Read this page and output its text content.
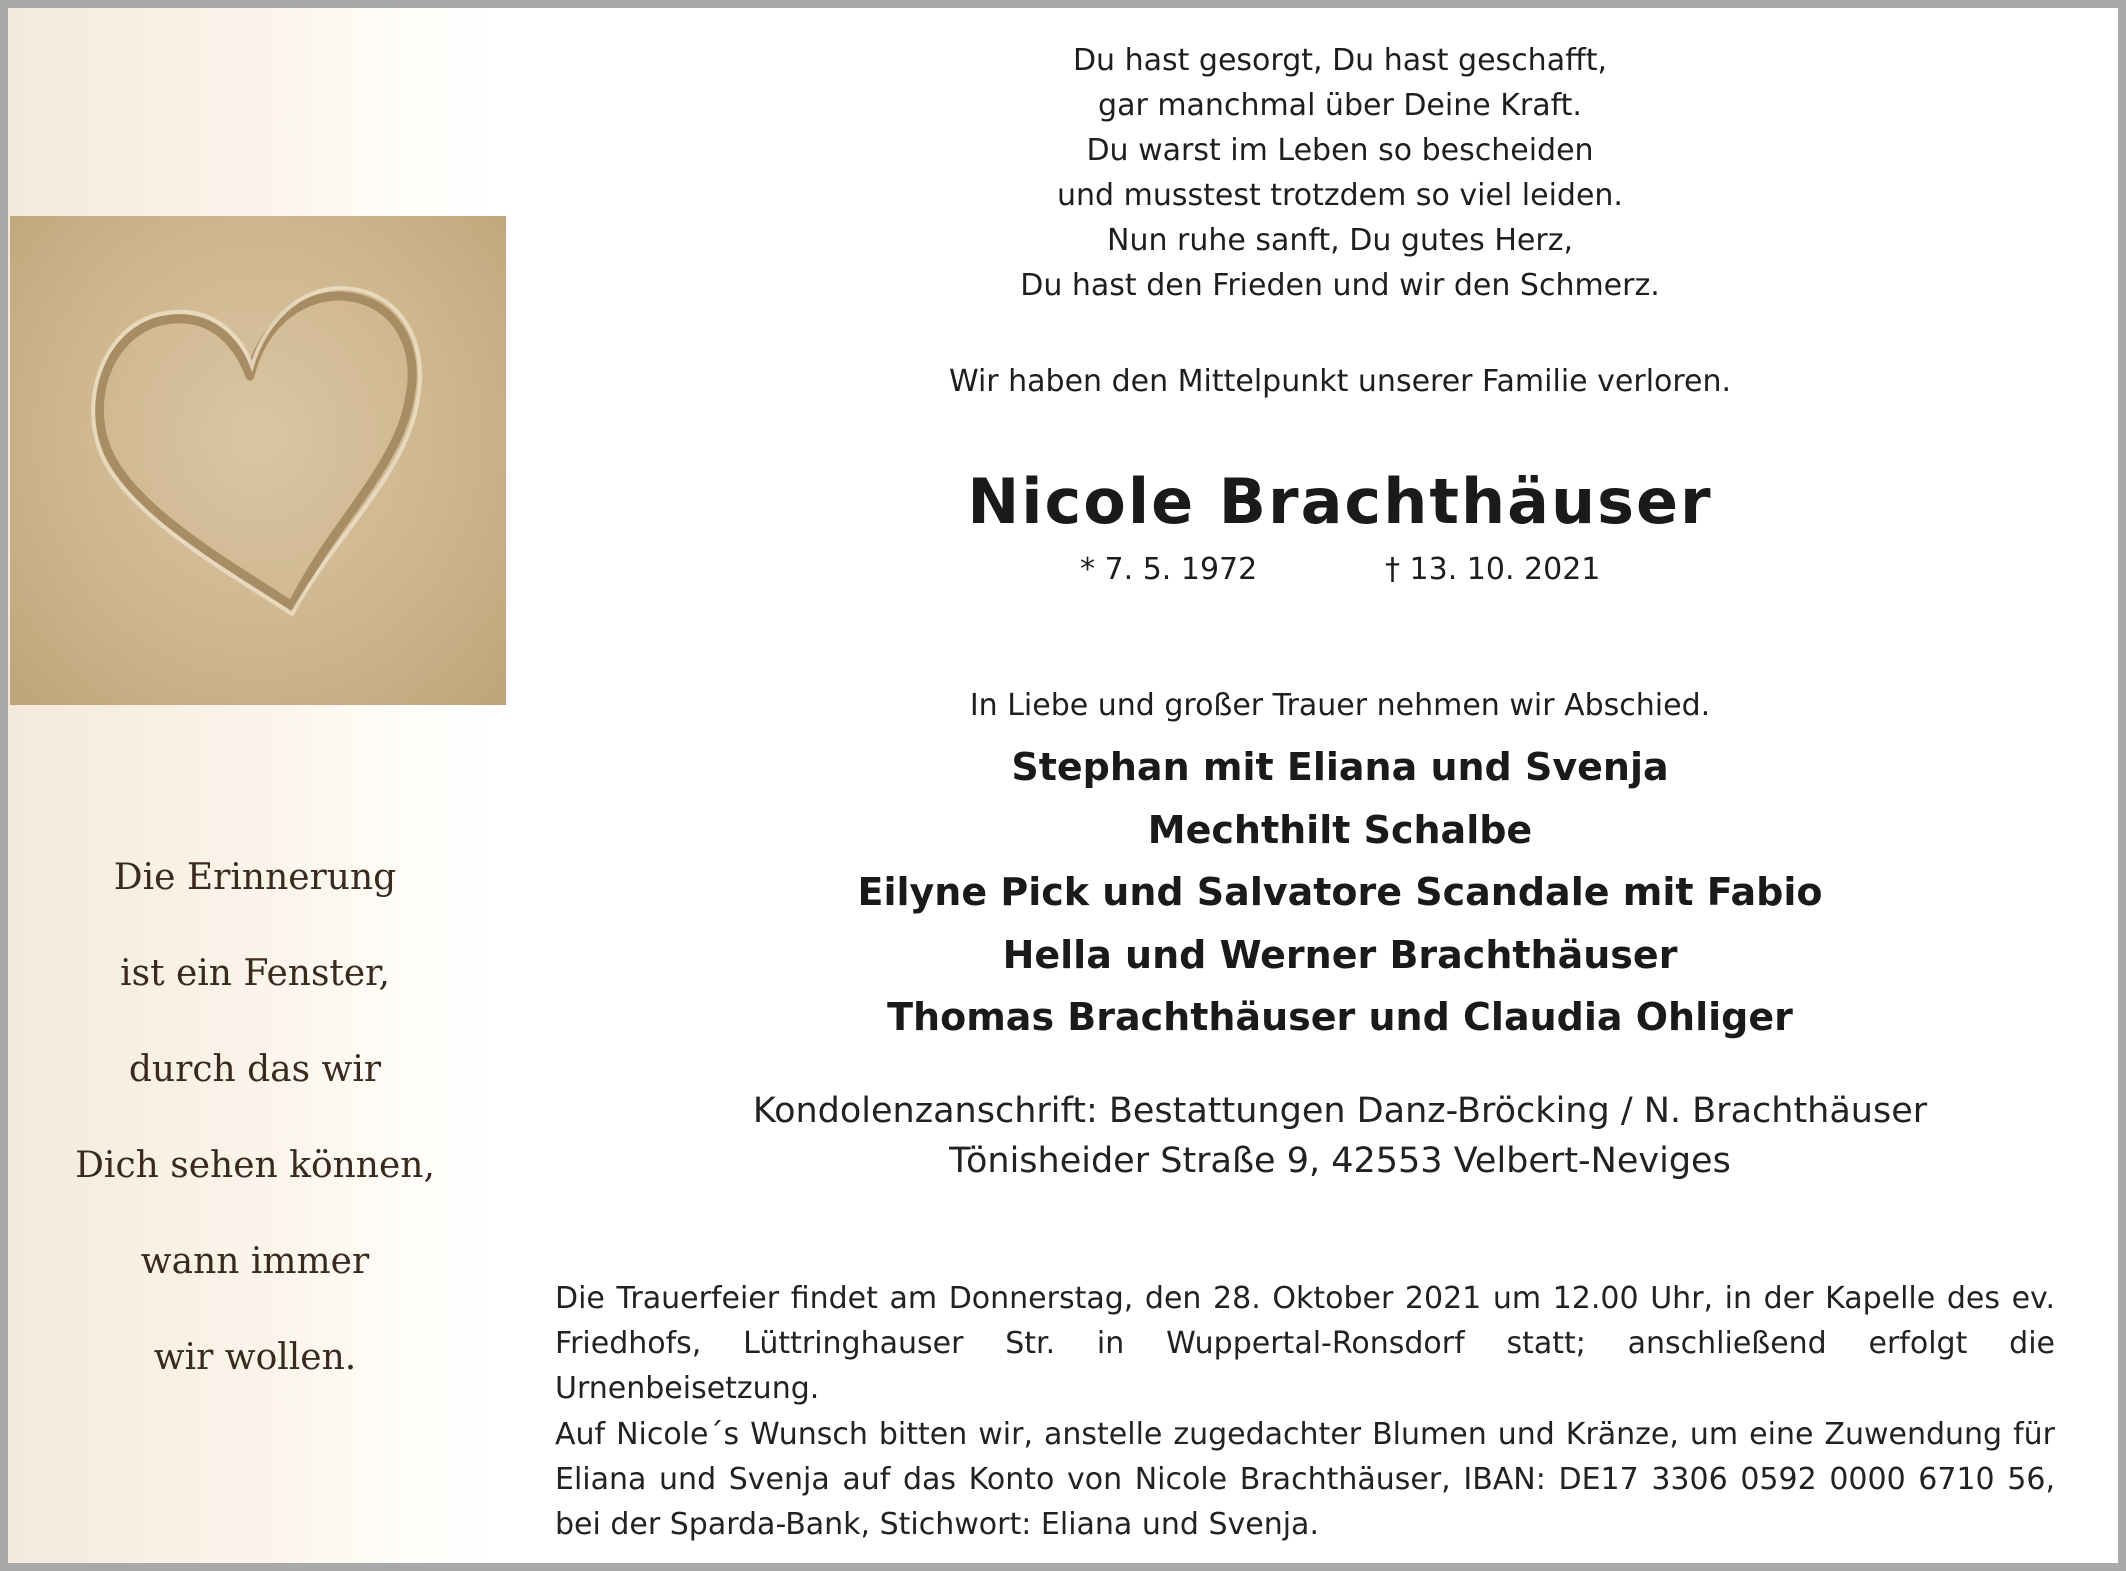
Die Erinnerung
ist ein Fenster,
durch das wir
Dich sehen können,
wann immer
wir wollen.
Du hast gesorgt, Du hast geschafft,
gar manchmal über Deine Kraft.
Du warst im Leben so bescheiden
und musstest trotzdem so viel leiden.
Nun ruhe sanft, Du gutes Herz,
Du hast den Frieden und wir den Schmerz.
Wir haben den Mittelpunkt unserer Familie verloren.
Nicole Brachthäuser
* 7. 5. 1972	† 13. 10. 2021
In Liebe und großer Trauer nehmen wir Abschied.
Stephan mit Eliana und Svenja
Mechthilt Schalbe
Eilyne Pick und Salvatore Scandale mit Fabio
Hella und Werner Brachthäuser
Thomas Brachthäuser und Claudia Ohliger
Kondolenzanschrift: Bestattungen Danz-Bröcking / N. Brachthäuser
Tönisheider Straße 9, 42553 Velbert-Neviges
Die Trauerfeier findet am Donnerstag, den 28. Oktober 2021 um 12.00 Uhr, in der Kapelle des ev. Friedhofs, Lüttringhauser Str. in Wuppertal-Ronsdorf statt; anschließend erfolgt die Urnenbeisetzung.
Auf Nicole´s Wunsch bitten wir, anstelle zugedachter Blumen und Kränze, um eine Zuwendung für Eliana und Svenja auf das Konto von Nicole Brachthäuser, IBAN: DE17 3306 0592 0000 6710 56, bei der Sparda-Bank, Stichwort: Eliana und Svenja.
